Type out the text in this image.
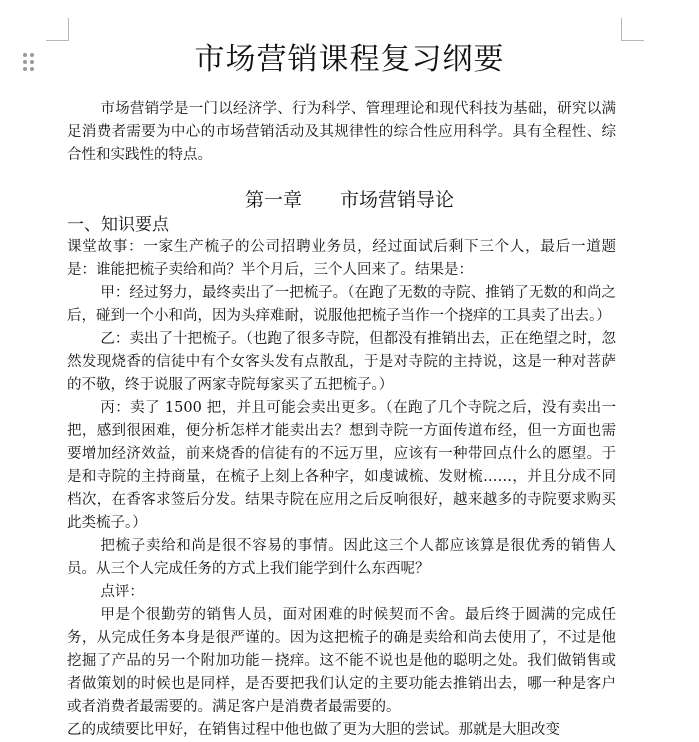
市场营销课程复习纲要

市场营销学是一门以经济学、行为科学、管理理论和现代科技为基础，研究以满足消费者需要为中心的市场营销活动及其规律性的综合性应用科学。具有全程性、综合性和实践性的特点。

第一章　　市场营销导论
一、知识要点

课堂故事：一家生产梳子的公司招聘业务员，经过面试后剩下三个人，最后一道题是：谁能把梳子卖给和尚？半个月后，三个人回来了。结果是：

甲：经过努力，最终卖出了一把梳子。（在跑了无数的寺院、推销了无数的和尚之后，碰到一个小和尚，因为头痒难耐，说服他把梳子当作一个挠痒的工具卖了出去。）

乙：卖出了十把梳子。（也跑了很多寺院，但都没有推销出去，正在绝望之时，忽然发现烧香的信徒中有个女客头发有点散乱，于是对寺院的主持说，这是一种对菩萨的不敬，终于说服了两家寺院每家买了五把梳子。）

丙：卖了 1500 把，并且可能会卖出更多。（在跑了几个寺院之后，没有卖出一把，感到很困难，便分析怎样才能卖出去？想到寺院一方面传道布经，但一方面也需要增加经济效益，前来烧香的信徒有的不远万里，应该有一种带回点什么的愿望。于是和寺院的主持商量，在梳子上刻上各种字，如虔诚梳、发财梳……，并且分成不同档次，在香客求签后分发。结果寺院在应用之后反响很好，越来越多的寺院要求购买此类梳子。）

把梳子卖给和尚是很不容易的事情。因此这三个人都应该算是很优秀的销售人员。从三个人完成任务的方式上我们能学到什么东西呢？

点评：

甲是个很勤劳的销售人员，面对困难的时候契而不舍。最后终于圆满的完成任务，从完成任务本身是很严谨的。因为这把梳子的确是卖给和尚去使用了，不过是他挖掘了产品的另一个附加功能－挠痒。这不能不说也是他的聪明之处。我们做销售或者做策划的时候也是同样，是否要把我们认定的主要功能去推销出去，哪一种是客户或者消费者最需要的。满足客户是消费者最需要的。

乙的成绩要比甲好，在销售过程中他也做了更为大胆的尝试。那就是大胆改变
